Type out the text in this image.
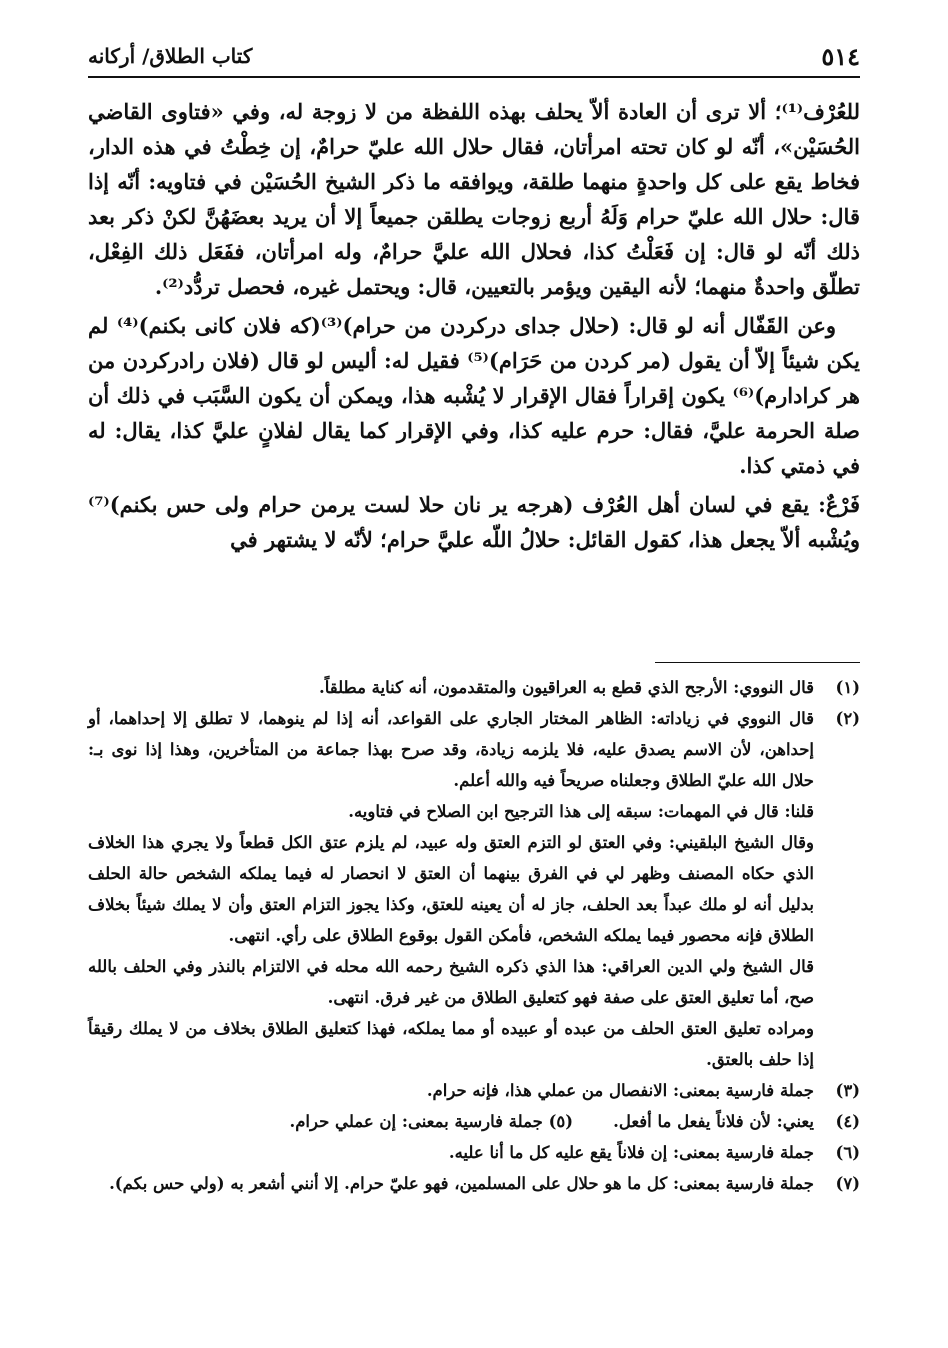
٥١٤
كتاب الطلاق/ أركانه

للعُرْف⁽¹⁾؛ ألا ترى أن العادة ألاّ يحلف بهذه اللفظة من لا زوجة له، وفي «فتاوى القاضي الحُسَيْن»، أنّه لو كان تحته امرأتان، فقال حلال الله عليّ حرامٌ، إن خِطْتُ في هذه الدار، فخاط يقع على كل واحدةٍ منهما طلقة، ويوافقه ما ذكر الشيخ الحُسَيْن في فتاويه: أنّه إذا قال: حلال الله عليّ حرام وَلَهُ أربع زوجات يطلقن جميعاً إلا أن يريد بعضَهُنَّ لكنْ ذكر بعد ذلك أنّه لو قال: إن فَعَلْتُ كذا، فحلال الله عليَّ حرامٌ، وله امرأتان، ففَعَل ذلك الفِعْل، تطلّق واحدةٌ منهما؛ لأنه اليقين ويؤمر بالتعيين، قال: ويحتمل غيره، فحصل تردُّد⁽²⁾.

وعن القَفّال أنه لو قال: (حلال جداى دركردن من حرام)⁽³⁾(كه فلان كانى بكنم)⁽⁴⁾ لم يكن شيئاً إلاّ أن يقول (مر كردن من حَرَام)⁽⁵⁾ فقيل له: أليس لو قال (فلان رادركردن من هر كرادارم)⁽⁶⁾ يكون إقراراً فقال الإقرار لا يُشْبه هذا، ويمكن أن يكون السَّبَب في ذلك أن صلة الحرمة عليَّ، فقال: حرم عليه كذا، وفي الإقرار كما يقال لفلانٍ عليَّ كذا، يقال: له في ذمتي كذا.

فَرْعٌ: يقع في لسان أهل العُرْف (هرجه ير نان حلا لست يرمن حرام ولى حس بكنم)⁽⁷⁾ ويُشْبه ألاّ يجعل هذا، كقول القائل: حلالُ اللّه عليَّ حرام؛ لأنّه لا يشتهر في

(١)
قال النووي: الأرجح الذي قطع به العراقيون والمتقدمون، أنه كناية مطلقاً.
(٢)
قال النووي في زياداته: الظاهر المختار الجاري على القواعد، أنه إذا لم ينوهما، لا تطلق إلا إحداهما، أو إحداهن، لأن الاسم يصدق عليه، فلا يلزمه زيادة، وقد صرح بهذا جماعة من المتأخرين، وهذا إذا نوى بـ: حلال الله عليّ الطلاق وجعلناه صريحاً فيه والله أعلم.
قلنا: قال في المهمات: سبقه إلى هذا الترجيح ابن الصلاح في فتاويه.
وقال الشيخ البلقيني: وفي العتق لو التزم العتق وله عبيد، لم يلزم عتق الكل قطعاً ولا يجري هذا الخلاف الذي حكاه المصنف وظهر لي في الفرق بينهما أن العتق لا انحصار له فيما يملكه الشخص حالة الحلف بدليل أنه لو ملك عبداً بعد الحلف، جاز له أن يعينه للعتق، وكذا يجوز التزام العتق وأن لا يملك شيئاً بخلاف الطلاق فإنه محصور فيما يملكه الشخص، فأمكن القول بوقوع الطلاق على رأي. انتهى.
قال الشيخ ولي الدين العراقي: هذا الذي ذكره الشيخ رحمه الله محله في الالتزام بالنذر وفي الحلف بالله صح، أما تعليق العتق على صفة فهو كتعليق الطلاق من غير فرق. انتهى.
ومراده تعليق العتق الحلف من عبده أو عبيده أو مما يملكه، فهذا كتعليق الطلاق بخلاف من لا يملك رقيقاً إذا حلف بالعتق.
(٣)
جملة فارسية بمعنى: الانفصال من عملي هذا، فإنه حرام.
(٤)
يعني: لأن فلاناً يفعل ما أفعل.
(٥) جملة فارسية بمعنى: إن عملي حرام.
(٦)
جملة فارسية بمعنى: إن فلاناً يقع عليه كل ما أنا عليه.
(٧)
جملة فارسية بمعنى: كل ما هو حلال على المسلمين، فهو عليّ حرام. إلا أنني أشعر به (ولي حس بكم).
